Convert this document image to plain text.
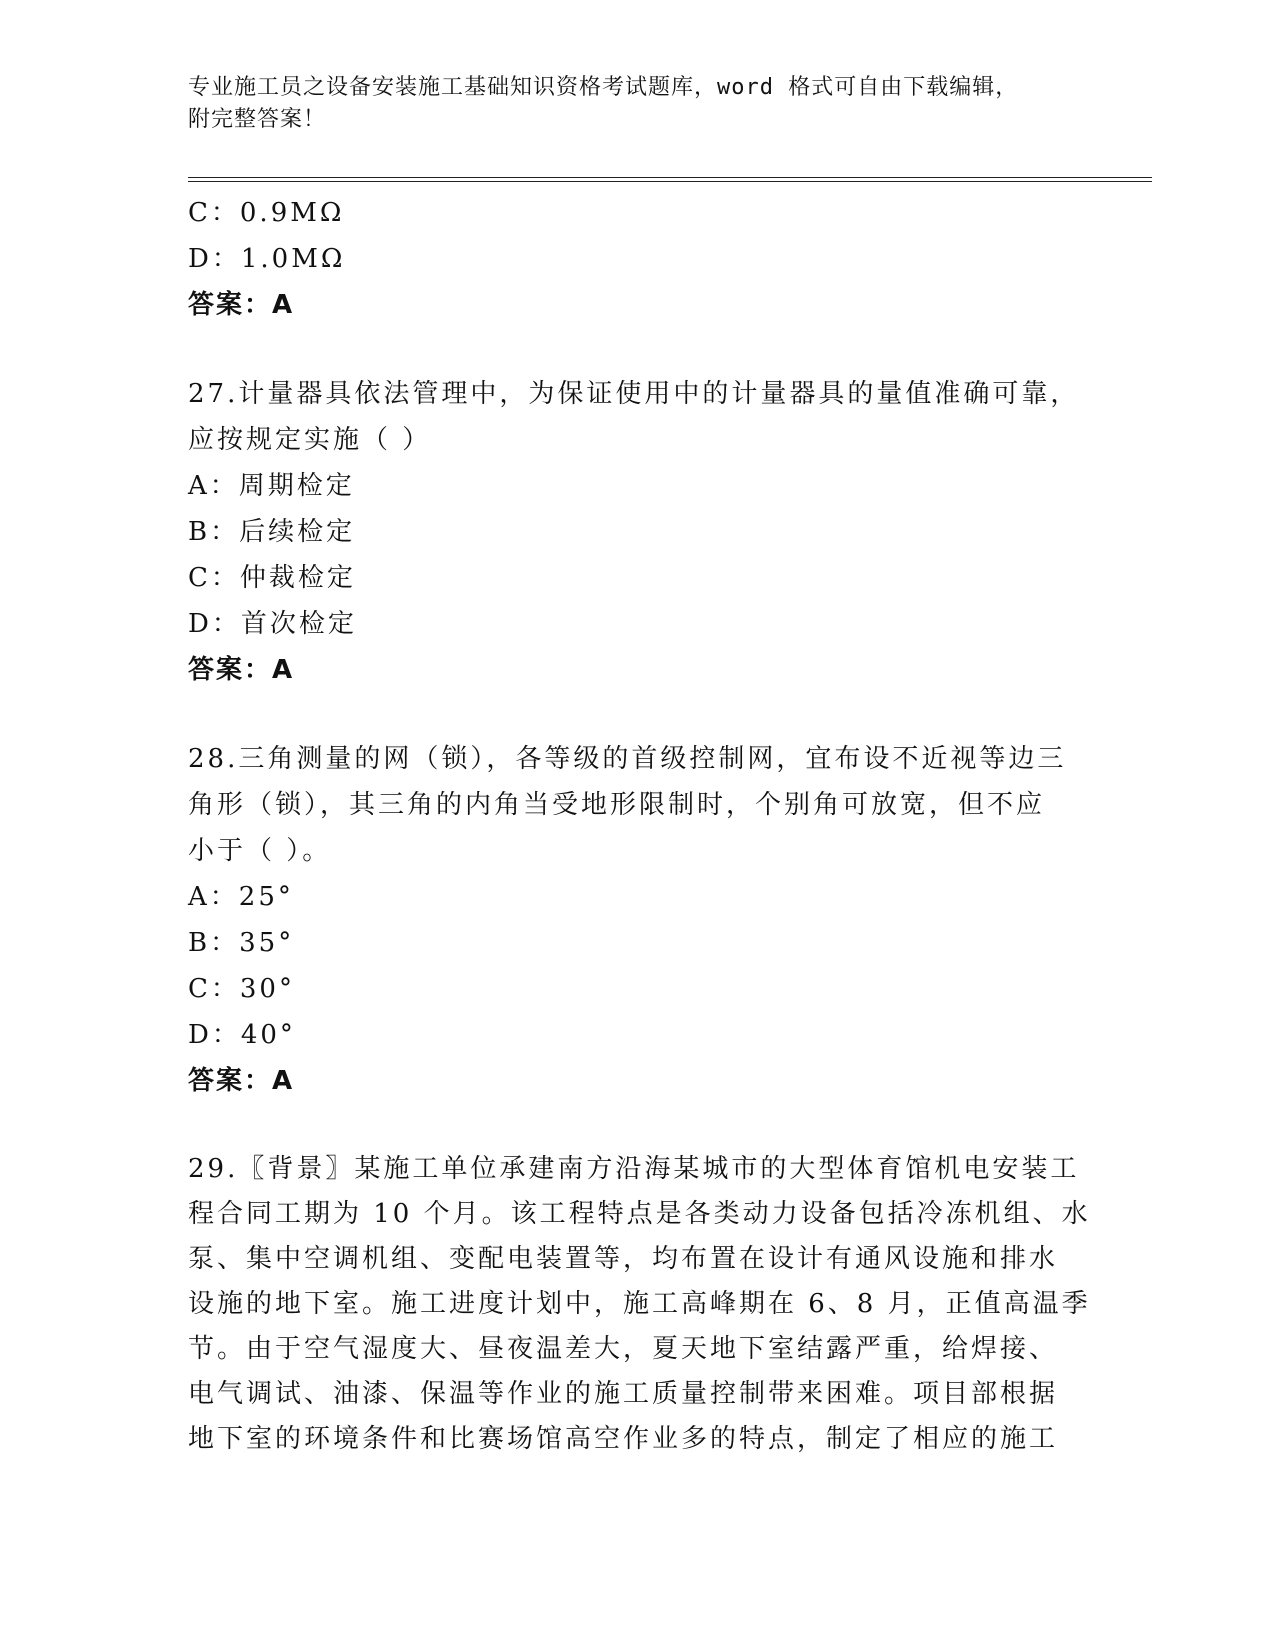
专业施工员之设备安装施工基础知识资格考试题库，word 格式可自由下载编辑，
附完整答案！
C：0.9MΩ
D：1.0MΩ
答案：A
27.计量器具依法管理中，为保证使用中的计量器具的量值准确可靠，
应按规定实施（ ）
A：周期检定
B：后续检定
C：仲裁检定
D：首次检定
答案：A
28.三角测量的网（锁），各等级的首级控制网，宜布设不近视等边三
角形（锁），其三角的内角当受地形限制时，个别角可放宽，但不应
小于（ ）。
A：25°
B：35°
C：30°
D：40°
答案：A
29.〖背景〗某施工单位承建南方沿海某城市的大型体育馆机电安装工
程合同工期为 10 个月。该工程特点是各类动力设备包括冷冻机组、水
泵、集中空调机组、变配电装置等，均布置在设计有通风设施和排水
设施的地下室。施工进度计划中，施工高峰期在 6、8 月，正值高温季
节。由于空气湿度大、昼夜温差大，夏天地下室结露严重，给焊接、
电气调试、油漆、保温等作业的施工质量控制带来困难。项目部根据
地下室的环境条件和比赛场馆高空作业多的特点，制定了相应的施工
